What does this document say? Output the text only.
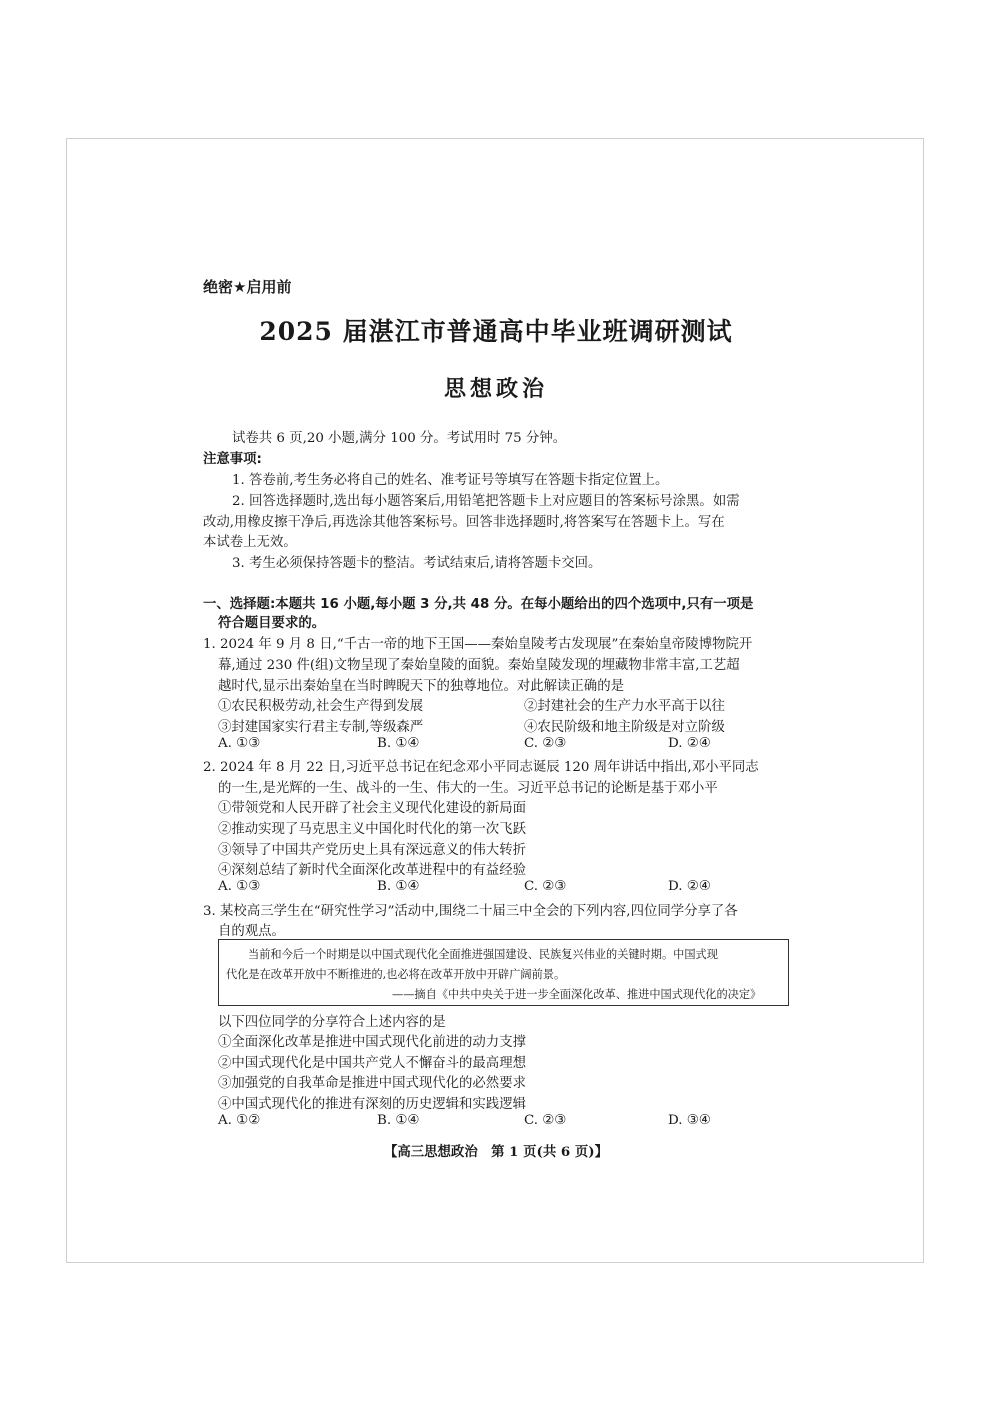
绝密★启用前
2025 届湛江市普通高中毕业班调研测试
思想政治
试卷共 6 页,20 小题,满分 100 分。考试用时 75 分钟。
注意事项:
1. 答卷前,考生务必将自己的姓名、准考证号等填写在答题卡指定位置上。
2. 回答选择题时,选出每小题答案后,用铅笔把答题卡上对应题目的答案标号涂黑。如需
改动,用橡皮擦干净后,再选涂其他答案标号。回答非选择题时,将答案写在答题卡上。写在
本试卷上无效。
3. 考生必须保持答题卡的整洁。考试结束后,请将答题卡交回。
一、选择题:本题共 16 小题,每小题 3 分,共 48 分。在每小题给出的四个选项中,只有一项是
符合题目要求的。
1. 2024 年 9 月 8 日,“千古一帝的地下王国——秦始皇陵考古发现展”在秦始皇帝陵博物院开
幕,通过 230 件(组)文物呈现了秦始皇陵的面貌。秦始皇陵发现的埋藏物非常丰富,工艺超
越时代,显示出秦始皇在当时睥睨天下的独尊地位。对此解读正确的是
①农民积极劳动,社会生产得到发展	②封建社会的生产力水平高于以往
③封建国家实行君主专制,等级森严	④农民阶级和地主阶级是对立阶级
A. ①③	B. ①④	C. ②③	D. ②④
2. 2024 年 8 月 22 日,习近平总书记在纪念邓小平同志诞辰 120 周年讲话中指出,邓小平同志
的一生,是光辉的一生、战斗的一生、伟大的一生。习近平总书记的论断是基于邓小平
①带领党和人民开辟了社会主义现代化建设的新局面
②推动实现了马克思主义中国化时代化的第一次飞跃
③领导了中国共产党历史上具有深远意义的伟大转折
④深刻总结了新时代全面深化改革进程中的有益经验
A. ①③	B. ①④	C. ②③	D. ②④
3. 某校高三学生在“研究性学习”活动中,围绕二十届三中全会的下列内容,四位同学分享了各
自的观点。
当前和今后一个时期是以中国式现代化全面推进强国建设、民族复兴伟业的关键时期。中国式现
代化是在改革开放中不断推进的,也必将在改革开放中开辟广阔前景。
——摘自《中共中央关于进一步全面深化改革、推进中国式现代化的决定》
以下四位同学的分享符合上述内容的是
①全面深化改革是推进中国式现代化前进的动力支撑
②中国式现代化是中国共产党人不懈奋斗的最高理想
③加强党的自我革命是推进中国式现代化的必然要求
④中国式现代化的推进有深刻的历史逻辑和实践逻辑
A. ①②	B. ①④	C. ②③	D. ③④
【高三思想政治　第 1 页(共 6 页)】
